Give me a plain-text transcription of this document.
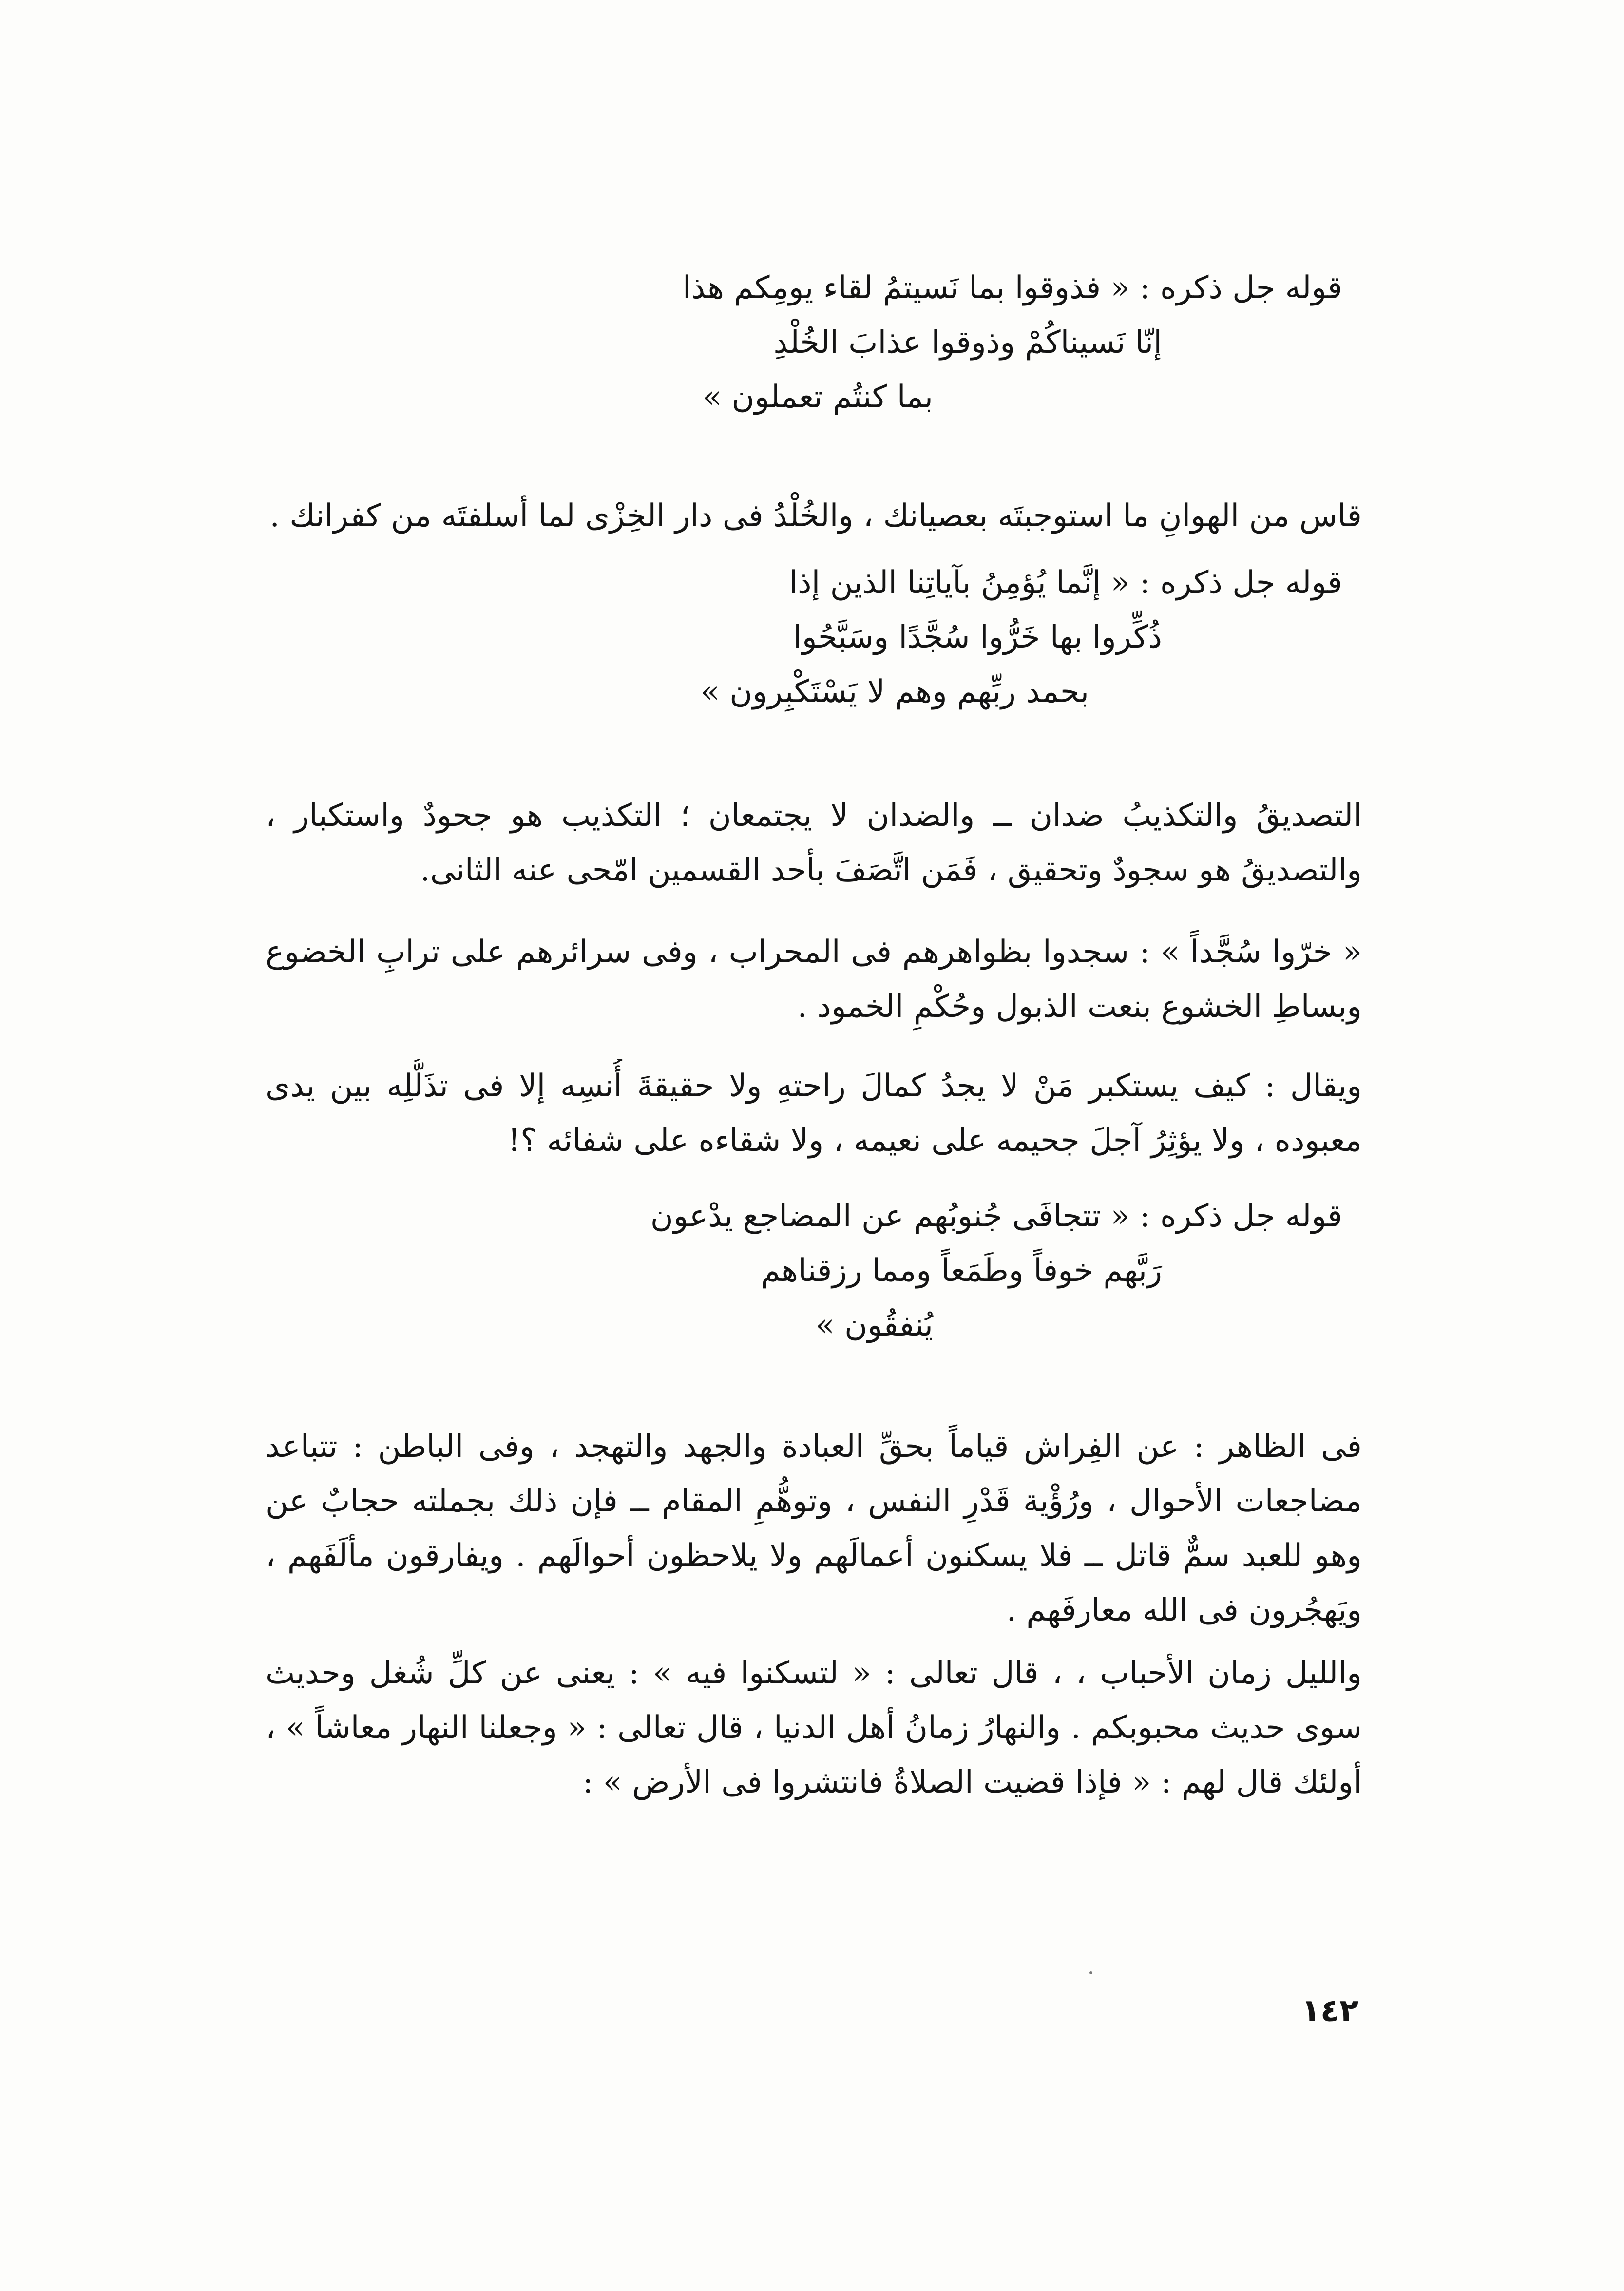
قوله جل ذكره : « فذوقوا بما نَسيتمُ لقاء يومِكم هذا
إنّا نَسيناكُمْ وذوقوا عذابَ الخُلْدِ
بما كنتُم تعملون »
قاس من الهوانِ ما استوجبتَه بعصيانك ، والخُلْدُ فى دار الخِزْى لما أسلفتَه من كفرانك .
قوله جل ذكره : « إنَّما يُؤمِنُ بآياتِنا الذين إذا
ذُكِّروا بها خَرُّوا سُجَّدًا وسَبَّحُوا
بحمد ربِّهم وهم لا يَسْتَكْبِرون »
التصديقُ والتكذيبُ ضدان ــ والضدان لا يجتمعان ؛ التكذيب هو جحودٌ واستكبار ،
والتصديقُ هو سجودٌ وتحقيق ، فَمَن اتَّصَفَ بأحد القسمين امّحى عنه الثانى.
« خرّوا سُجَّداً » : سجدوا بظواهرهم فى المحراب ، وفى سرائرهم على ترابِ الخضوع
وبساطِ الخشوع بنعت الذبول وحُكْمِ الخمود .
ويقال : كيف يستكبر مَنْ لا يجدُ كمالَ راحتهِ ولا حقيقةَ أُنسِه إلا فى تذَلُّلِه بين يدى
معبوده ، ولا يؤثِرُ آجلَ جحيمه على نعيمه ، ولا شقاءه على شفائه ؟!
قوله جل ذكره : « تتجافَى جُنوبُهم عن المضاجع يدْعون
رَبَّهم خوفاً وطَمَعاً ومما رزقناهم
يُنفقُون »
فى الظاهر : عن الفِراش قياماً بحقِّ العبادة والجهد والتهجد ، وفى الباطن : تتباعد
مضاجعات الأحوال ، ورُؤْية قَدْرِ النفس ، وتوهُّمِ المقام ــ فإن ذلك بجملته حجابٌ عن
وهو للعبد سمٌّ قاتل ــ فلا يسكنون أعمالَهم ولا يلاحظون أحوالَهم . ويفارقون مألَفَهم ،
ويَهجُرون فى الله معارفَهم .
والليل زمان الأحباب ، ، قال تعالى : « لتسكنوا فيه » : يعنى عن كلِّ شُغل وحديث
سوى حديث محبوبكم . والنهارُ زمانُ أهل الدنيا ، قال تعالى : « وجعلنا النهار معاشاً » ،
أولئك قال لهم : « فإذا قضيت الصلاةُ فانتشروا فى الأرض » :
١٤٢
